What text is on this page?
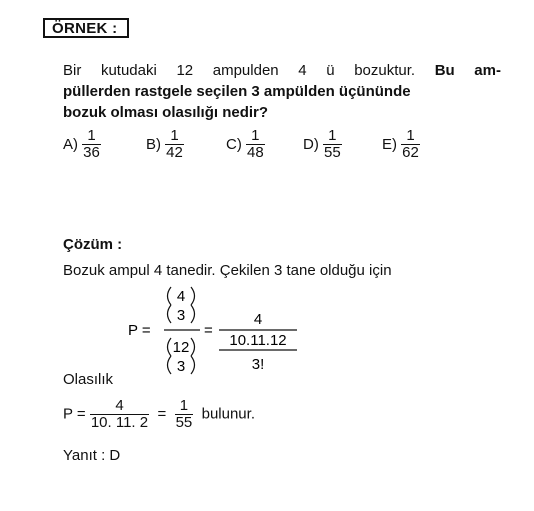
ÖRNEK :
Bir kutudaki 12 ampulden 4 ü bozuktur. Bu am-
püllerden rastgele seçilen 3 ampülden üçününde
bozuk olması olasılığı nedir?
$A) \frac{1}{36}$	$B) \frac{1}{42}$	$C) \frac{1}{48}$	$D) \frac{1}{55}$	$E) \frac{1}{62}$
Çözüm :
Bozuk ampul 4 tanedir. Çekilen 3 tane olduğu için
P =
4
3
12
3
=
4
10.11.12
3!
Olasılık
$P = \frac{4}{10. 11. 2} = \frac{1}{55}$ bulunur.
Yanıt : D
